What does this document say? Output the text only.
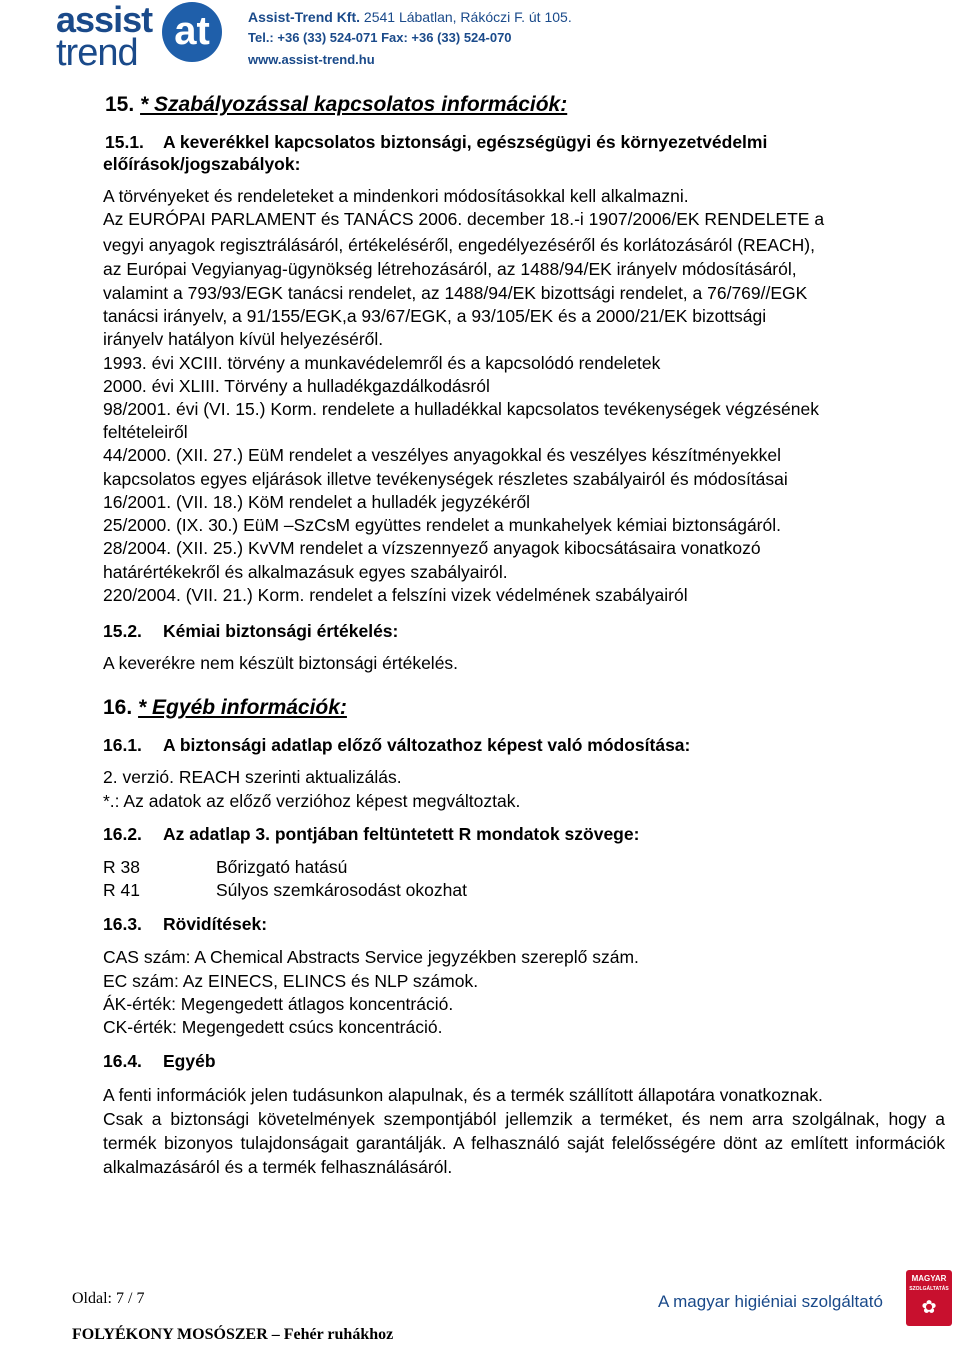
assist
trend at	Assist-Trend Kft. 2541 Lábatlan, Rákóczi F. út 105.
Tel.: +36 (33) 524-071 Fax: +36 (33) 524-070
www.assist-trend.hu
15. * Szabályozással kapcsolatos információk:
15.1. A keverékkel kapcsolatos biztonsági, egészségügyi és környezetvédelmi
előírások/jogszabályok:
A törvényeket és rendeleteket a mindenkori módosításokkal kell alkalmazni.
Az EURÓPAI PARLAMENT és TANÁCS 2006. december 18.-i 1907/2006/EK RENDELETE a
vegyi anyagok regisztrálásáról, értékeléséről, engedélyezéséről és korlátozásáról (REACH),
az Európai Vegyianyag-ügynökség létrehozásáról, az 1488/94/EK irányelv módosításáról,
valamint a 793/93/EGK tanácsi rendelet, az 1488/94/EK bizottsági rendelet, a 76/769//EGK
tanácsi irányelv, a 91/155/EGK,a 93/67/EGK, a 93/105/EK és a 2000/21/EK bizottsági
irányelv hatályon kívül helyezéséről.
1993. évi XCIII. törvény a munkavédelemről és a kapcsolódó rendeletek
2000. évi XLIII. Törvény a hulladékgazdálkodásról
98/2001. évi (VI. 15.) Korm. rendelete a hulladékkal kapcsolatos tevékenységek végzésének
feltételeiről
44/2000. (XII. 27.) EüM rendelet a veszélyes anyagokkal és veszélyes készítményekkel
kapcsolatos egyes eljárások illetve tevékenységek részletes szabályairól és módosításai
16/2001. (VII. 18.) KöM rendelet a hulladék jegyzékéről
25/2000. (IX. 30.) EüM –SzCsM együttes rendelet a munkahelyek kémiai biztonságáról.
28/2004. (XII. 25.) KvVM rendelet a vízszennyező anyagok kibocsátásaira vonatkozó
határértékekről és alkalmazásuk egyes szabályairól.
220/2004. (VII. 21.) Korm. rendelet a felszíni vizek védelmének szabályairól
15.2. Kémiai biztonsági értékelés:
A keverékre nem készült biztonsági értékelés.
16. * Egyéb információk:
16.1. A biztonsági adatlap előző változathoz képest való módosítása:
2. verzió. REACH szerinti aktualizálás.
*.: Az adatok az előző verzióhoz képest megváltoztak.
16.2. Az adatlap 3. pontjában feltüntetett R mondatok szövege:
R 38	Bőrizgató hatású
R 41	Súlyos szemkárosodást okozhat
16.3. Rövidítések:
CAS szám: A Chemical Abstracts Service jegyzékben szereplő szám.
EC szám: Az EINECS, ELINCS és NLP számok.
ÁK-érték: Megengedett átlagos koncentráció.
CK-érték: Megengedett csúcs koncentráció.
16.4. Egyéb
A fenti információk jelen tudásunkon alapulnak, és a termék szállított állapotára vonatkoznak.
Csak a biztonsági követelmények szempontjából jellemzik a terméket, és nem arra szolgálnak, hogy a termék bizonyos tulajdonságait garantálják. A felhasználó saját felelősségére dönt az említett információk alkalmazásáról és a termék felhasználásáról.
Oldal: 7 / 7
FOLYÉKONY MOSÓSZER – Fehér ruhákhoz
A magyar higiéniai szolgáltató
MAGYAR
SZOLGÁLTATÁS
✿
